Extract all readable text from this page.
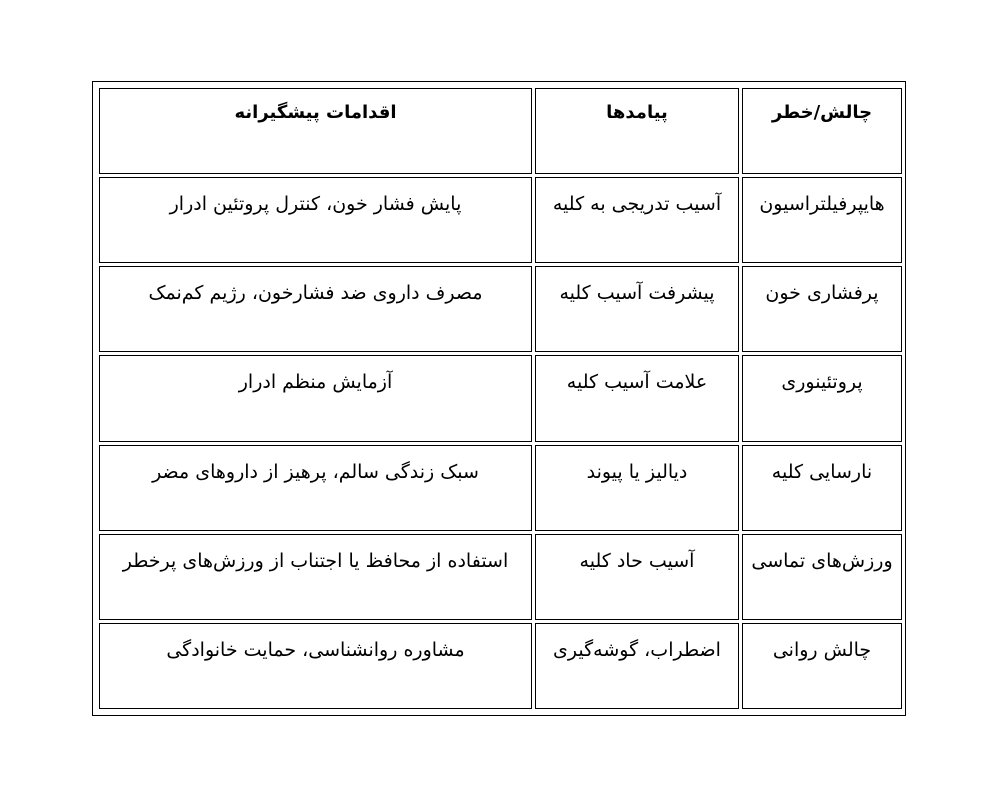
چالش/خطر	پیامدها	اقدامات پیشگیرانه
هایپرفیلتراسیون	آسیب تدریجی به کلیه	پایش فشار خون، کنترل پروتئین ادرار
پرفشاری خون	پیشرفت آسیب کلیه	مصرف داروی ضد فشارخون، رژیم کم‌نمک
پروتئینوری	علامت آسیب کلیه	آزمایش منظم ادرار
نارسایی کلیه	دیالیز یا پیوند	سبک زندگی سالم، پرهیز از داروهای مضر
ورزش‌های تماسی	آسیب حاد کلیه	استفاده از محافظ یا اجتناب از ورزش‌های پرخطر
چالش روانی	اضطراب، گوشه‌گیری	مشاوره روانشناسی، حمایت خانوادگی
